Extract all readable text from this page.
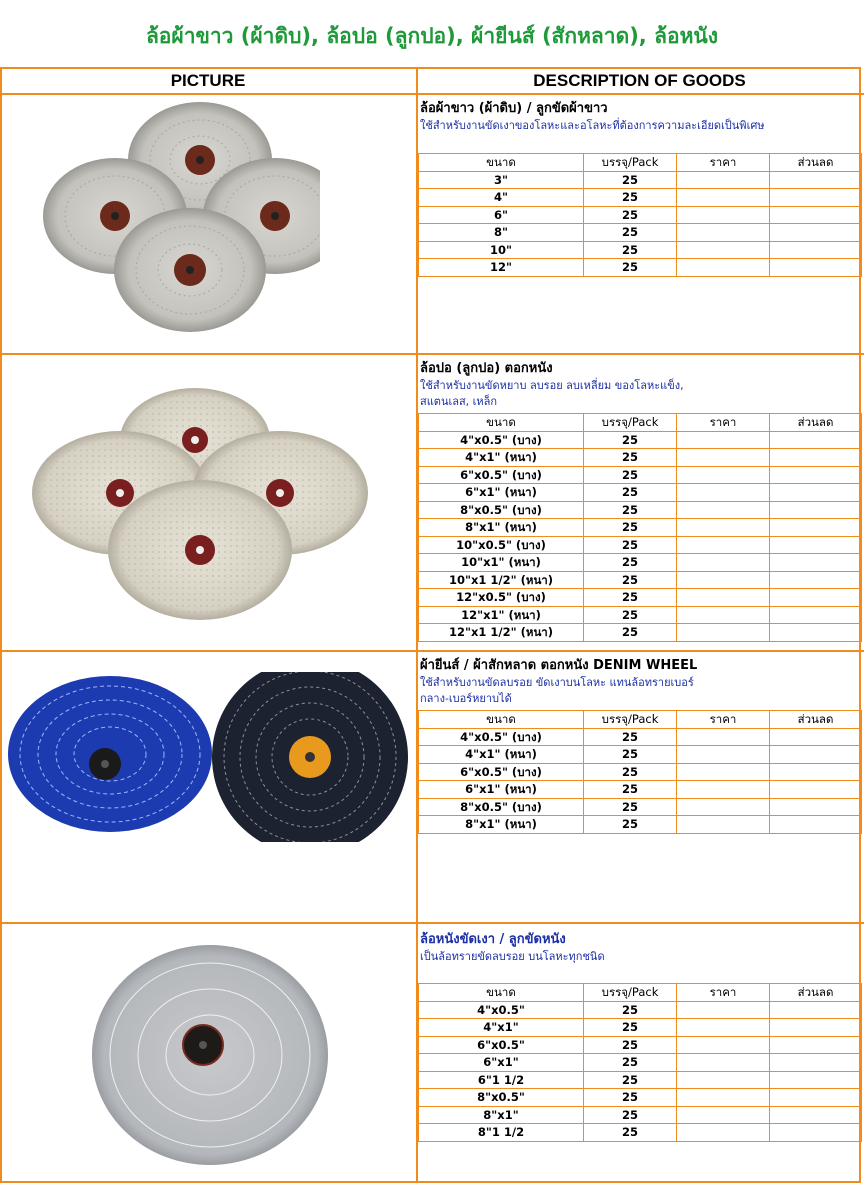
ล้อผ้าขาว (ผ้าดิบ), ล้อปอ (ลูกปอ), ผ้ายีนส์ (สักหลาด), ล้อหนัง
PICTURE	DESCRIPTION OF GOODS
ล้อผ้าขาว (ผ้าดิบ) / ลูกขัดผ้าขาว
ใช้สำหรับงานขัดเงาของโลหะและอโลหะที่ต้องการความละเอียดเป็นพิเศษ
ขนาด	บรรจุ/Pack	ราคา	ส่วนลด
3"	25		
4"	25		
6"	25		
8"	25		
10"	25		
12"	25		
ล้อปอ (ลูกปอ) ตอกหนัง
ใช้สำหรับงานขัดหยาบ ลบรอย ลบเหลี่ยม ของโลหะแข็ง,
สแตนเลส, เหล็ก
ขนาด	บรรจุ/Pack	ราคา	ส่วนลด
4"x0.5" (บาง)	25		
4"x1" (หนา)	25		
6"x0.5" (บาง)	25		
6"x1" (หนา)	25		
8"x0.5" (บาง)	25		
8"x1" (หนา)	25		
10"x0.5" (บาง)	25		
10"x1" (หนา)	25		
10"x1 1/2" (หนา)	25		
12"x0.5" (บาง)	25		
12"x1" (หนา)	25		
12"x1 1/2" (หนา)	25		
ผ้ายีนส์ / ผ้าสักหลาด ตอกหนัง DENIM WHEEL
ใช้สำหรับงานขัดลบรอย ขัดเงาบนโลหะ แทนล้อทรายเบอร์
กลาง-เบอร์หยาบได้
ขนาด	บรรจุ/Pack	ราคา	ส่วนลด
4"x0.5" (บาง)	25		
4"x1" (หนา)	25		
6"x0.5" (บาง)	25		
6"x1" (หนา)	25		
8"x0.5" (บาง)	25		
8"x1" (หนา)	25		
ล้อหนังขัดเงา / ลูกขัดหนัง
เป็นล้อทรายขัดลบรอย บนโลหะทุกชนิด
ขนาด	บรรจุ/Pack	ราคา	ส่วนลด
4"x0.5"	25		
4"x1"	25		
6"x0.5"	25		
6"x1"	25		
6"1 1/2	25		
8"x0.5"	25		
8"x1"	25		
8"1 1/2	25		
